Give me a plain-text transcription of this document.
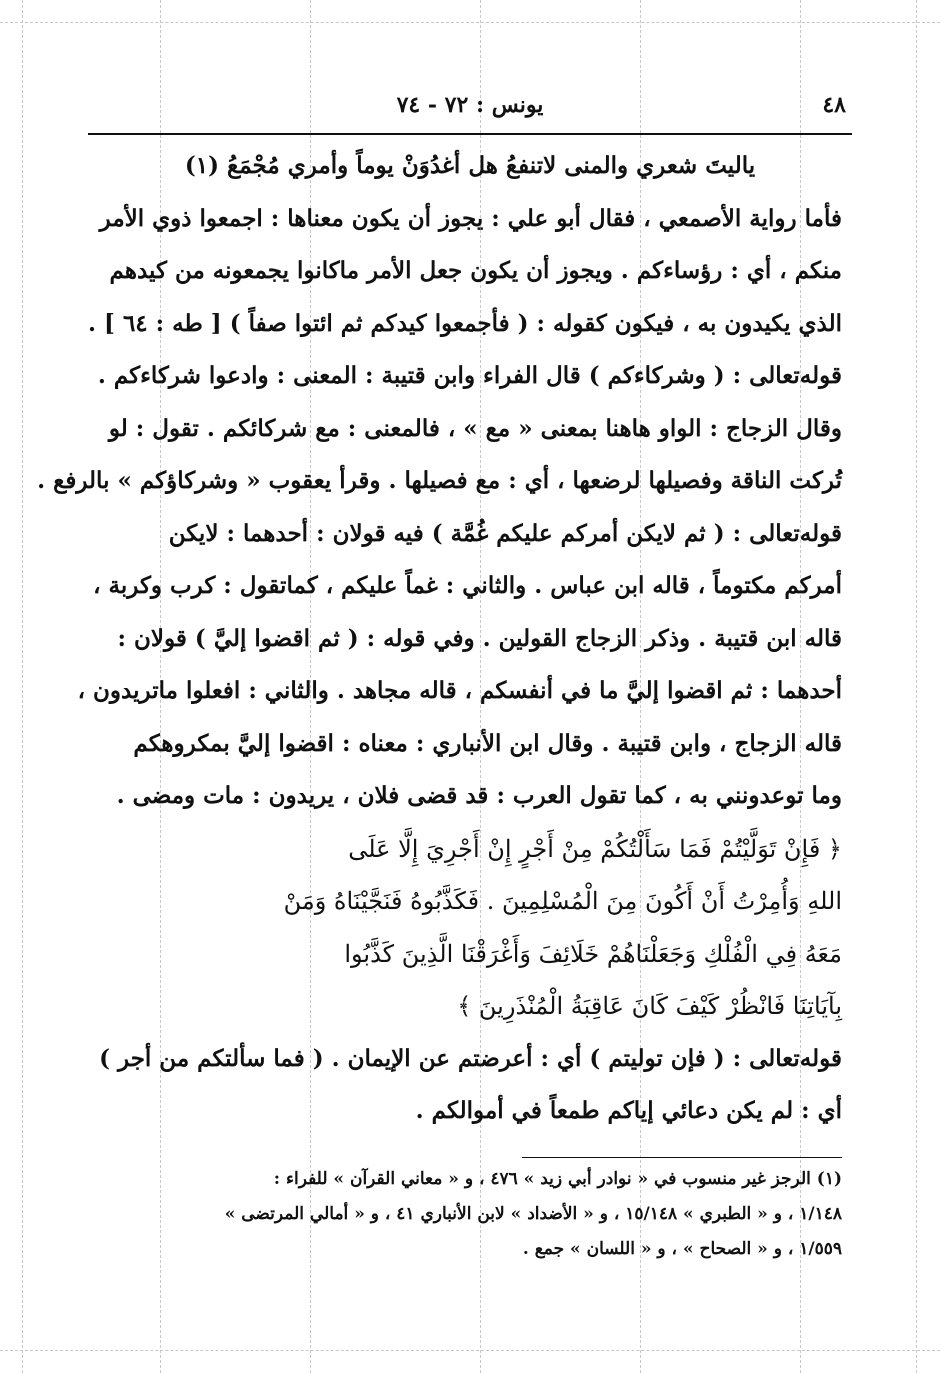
٤٨
يونس : ٧٢ - ٧٤
ياليتَ شعري والمنى لاتنفعُ هل أغدُوَنْ يوماً وأمري مُجْمَعُ (١)
فأما رواية الأصمعي ، فقال أبو علي : يجوز أن يكون معناها : اجمعوا ذوي الأمر
منكم ، أي : رؤساءكم . ويجوز أن يكون جعل الأمر ماكانوا يجمعونه من كيدهم
الذي يكيدون به ، فيكون كقوله : ( فأجمعوا كيدكم ثم ائتوا صفاً ) [ طه : ٦٤ ] .
قوله‌تعالى : ( وشركاءكم ) قال الفراء وابن قتيبة : المعنى : وادعوا شركاءكم .
وقال الزجاج : الواو هاهنا بمعنى « مع » ، فالمعنى : مع شركائكم . تقول : لو
تُركت الناقة وفصيلها لرضعها ، أي : مع فصيلها . وقرأ يعقوب « وشركاؤكم » بالرفع .
قوله‌تعالى : ( ثم لايكن أمركم عليكم غُمَّة ) فيه قولان : أحدهما : لايكن
أمركم مكتوماً ، قاله ابن عباس . والثاني : غماً عليكم ، كماتقول : كرب وكربة ،
قاله ابن قتيبة . وذكر الزجاج القولين . وفي قوله : ( ثم اقضوا إليَّ ) قولان :
أحدهما : ثم اقضوا إليَّ ما في أنفسكم ، قاله مجاهد . والثاني : افعلوا ماتريدون ،
قاله الزجاج ، وابن قتيبة . وقال ابن الأنباري : معناه : اقضوا إليَّ بمكروهكم
وما توعدونني به ، كما تقول العرب : قد قضى فلان ، يريدون : مات ومضى .
﴿ فَإِنْ تَوَلَّيْتُمْ فَمَا سَأَلْتُكُمْ مِنْ أَجْرٍ إِنْ أَجْرِيَ إِلَّا عَلَى
اللهِ وَأُمِرْتُ أَنْ أَكُونَ مِنَ الْمُسْلِمِينَ . فَكَذَّبُوهُ فَنَجَّيْنَاهُ وَمَنْ
مَعَهُ فِي الْفُلْكِ وَجَعَلْنَاهُمْ خَلَائِفَ وَأَغْرَقْنَا الَّذِينَ كَذَّبُوا
بِآيَاتِنَا فَانْظُرْ كَيْفَ كَانَ عَاقِبَةُ الْمُنْذَرِينَ ﴾
قوله‌تعالى : ( فإن توليتم ) أي : أعرضتم عن الإيمان . ( فما سألتكم من أجر )
أي : لم يكن دعائي إياكم طمعاً في أموالكم .
(١) الرجز غير منسوب في « نوادر أبي زيد » ٤٧٦ ، و « معاني القرآن » للفراء :
١/١٤٨ ، و « الطبري » ١٥/١٤٨ ، و « الأضداد » لابن الأنباري ٤١ ، و « أمالي المرتضى »
١/٥٥٩ ، و « الصحاح » ، و « اللسان » جمع .
